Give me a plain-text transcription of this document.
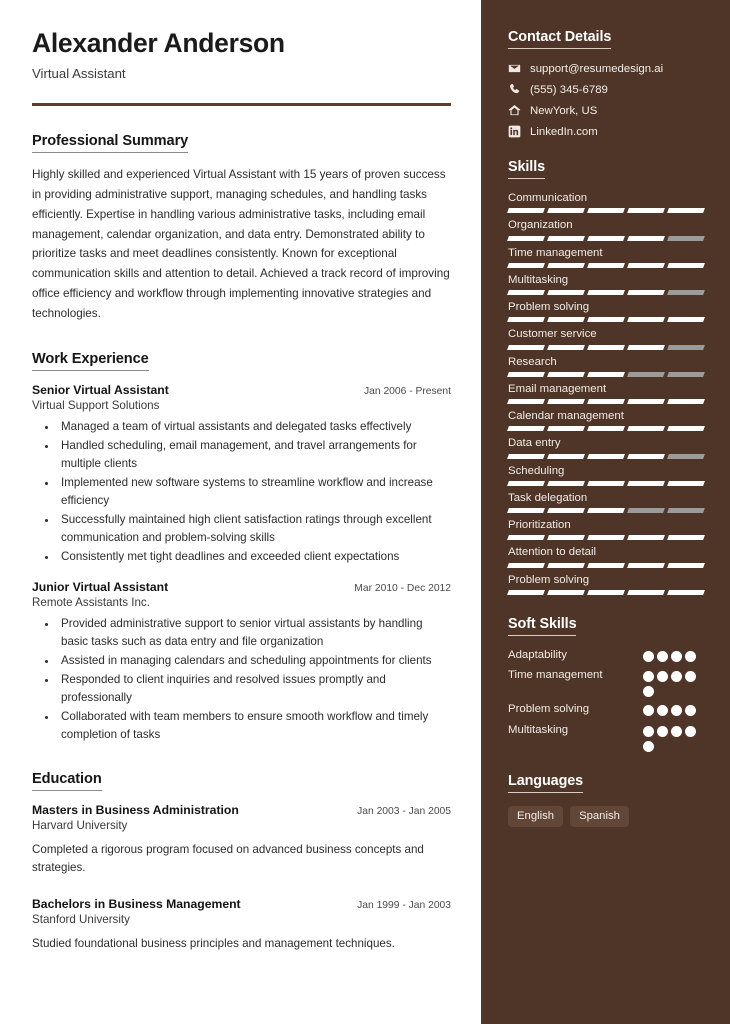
Alexander Anderson
Virtual Assistant
Professional Summary
Highly skilled and experienced Virtual Assistant with 15 years of proven success in providing administrative support, managing schedules, and handling tasks efficiently. Expertise in handling various administrative tasks, including email management, calendar organization, and data entry. Demonstrated ability to prioritize tasks and meet deadlines consistently. Known for exceptional communication skills and attention to detail. Achieved a track record of improving office efficiency and workflow through implementing innovative strategies and technologies.
Work Experience
Senior Virtual Assistant	Jan 2006 - Present
Virtual Support Solutions
• Managed a team of virtual assistants and delegated tasks effectively
• Handled scheduling, email management, and travel arrangements for multiple clients
• Implemented new software systems to streamline workflow and increase efficiency
• Successfully maintained high client satisfaction ratings through excellent communication and problem-solving skills
• Consistently met tight deadlines and exceeded client expectations
Junior Virtual Assistant	Mar 2010 - Dec 2012
Remote Assistants Inc.
• Provided administrative support to senior virtual assistants by handling basic tasks such as data entry and file organization
• Assisted in managing calendars and scheduling appointments for clients
• Responded to client inquiries and resolved issues promptly and professionally
• Collaborated with team members to ensure smooth workflow and timely completion of tasks
Education
Masters in Business Administration	Jan 2003 - Jan 2005
Harvard University
Completed a rigorous program focused on advanced business concepts and strategies.
Bachelors in Business Management	Jan 1999 - Jan 2003
Stanford University
Studied foundational business principles and management techniques.
Contact Details
support@resumedesign.ai
(555) 345-6789
NewYork, US
LinkedIn.com
Skills
Communication
Organization
Time management
Multitasking
Problem solving
Customer service
Research
Email management
Calendar management
Data entry
Scheduling
Task delegation
Prioritization
Attention to detail
Problem solving
Soft Skills
Adaptability
Time management
Problem solving
Multitasking
Languages
English	Spanish
